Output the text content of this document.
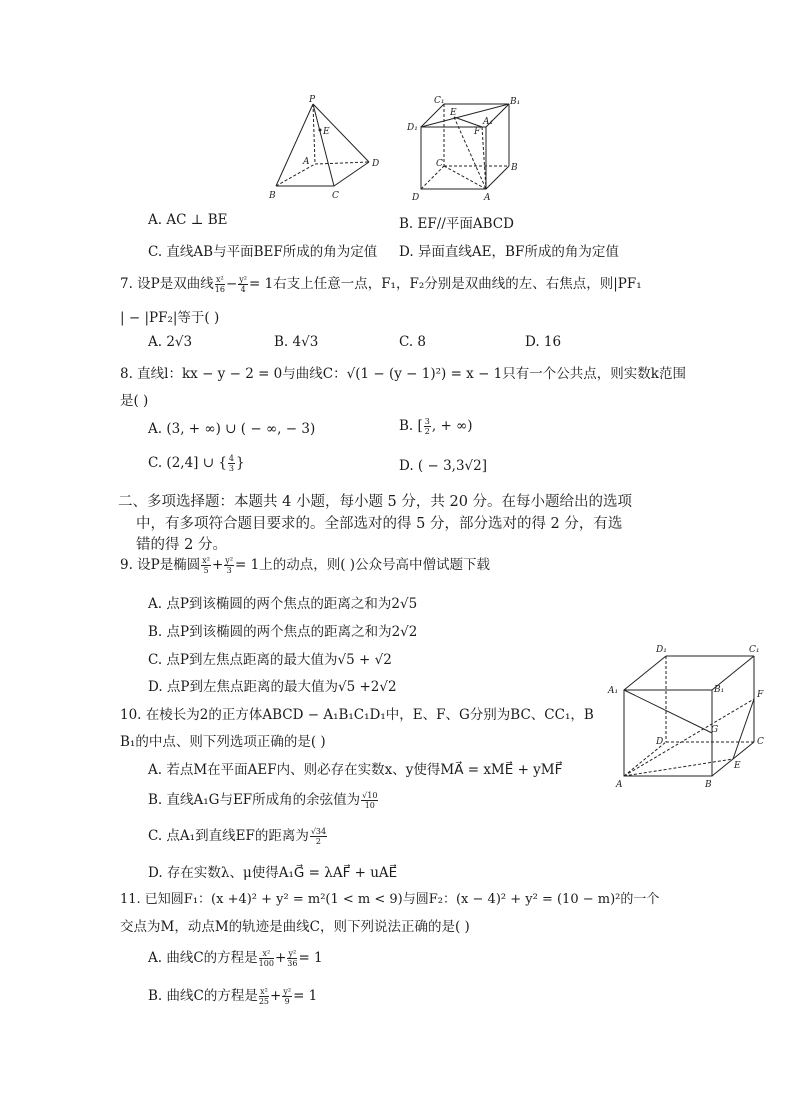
P
E
A
B	C
D
C₁	B₁
D₁
E
A₁
F
C	B
D	A
A. AC ⊥ BE	B. EF//平面ABCD
C. 直线AB与平面BEF所成的角为定值 D. 异面直线AE，BF所成的角为定值
7. 设P是双曲线 $\frac{\text{x²}}{16} - \frac{\text{y²}}{4} = 1$右支上任意一点，F₁，F₂分别是双曲线的左、右焦点，则|PF₁
| − |PF₂|等于( )
A. 2√3	B. 4√3	C. 8	D. 16
8. 直线l：kx − y − 2 = 0与曲线C：√(1 − (y − 1)²) = x − 1只有一个公共点，则实数k范围
是( )
A. (3, + ∞) ∪ ( − ∞, − 3)	B. [ $\frac{3}{2}$ , + ∞)
C. (2,4] ∪ { $\frac{4}{3}$ }	D. ( − 3,3√2]
二、多项选择题：本题共 4 小题，每小题 5 分，共 20 分。在每小题给出的选项
中，有多项符合题目要求的。全部选对的得 5 分，部分选对的得 2 分，有选
错的得 2 分。
9. 设P是椭圆 $\frac{\text{x²}}{5} + \frac{\text{y²}}{3} = 1$上的动点，则( )公众号高中僧试题下载
A. 点P到该椭圆的两个焦点的距离之和为2√5
B. 点P到该椭圆的两个焦点的距离之和为2√2
C. 点P到左焦点距离的最大值为√5 + √2
D. 点P到左焦点距离的最大值为√5 +2√2
D₁	C₁
A₁	B₁	F
G
D	C
E
A	B
10. 在棱长为2的正方体ABCD − A₁B₁C₁D₁中，E、F、G分别为BC、CC₁，B
B₁的中点、则下列选项正确的是( )
A. 若点M在平面AEF内、则必存在实数x、y使得MA⃗ = xME⃗ + yMF⃗
B. 直线A₁G与EF所成角的余弦值为 $\frac{√10}{10}$
C. 点A₁到直线EF的距离为 $\frac{√34}{2}$
D. 存在实数λ、μ使得A₁G⃗ = λAF⃗ + uAE⃗
11. 已知圆F₁：(x +4)² + y² = m²(1 < m < 9)与圆F₂：(x − 4)² + y² = (10 − m)²的一个
交点为M，动点M的轨迹是曲线C，则下列说法正确的是( )
A. 曲线C的方程是 $\frac{\text{x²}}{100} + \frac{\text{y²}}{36} = 1$
B. 曲线C的方程是 $\frac{\text{x²}}{25} + \frac{\text{y²}}{9} = 1$
